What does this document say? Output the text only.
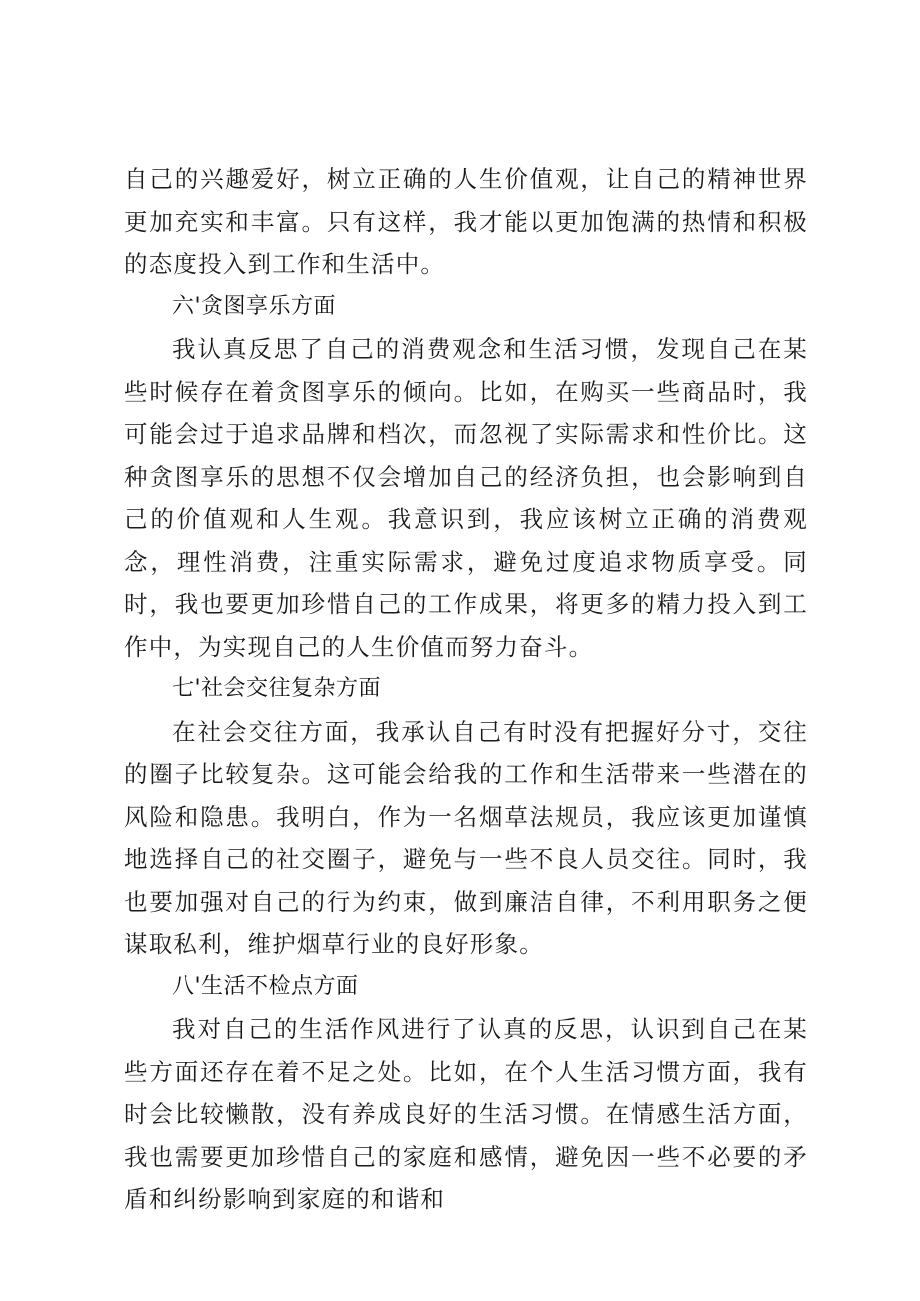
自己的兴趣爱好，树立正确的人生价值观，让自己的精神世界更加充实和丰富。只有这样，我才能以更加饱满的热情和积极的态度投入到工作和生活中。

六'贪图享乐方面

我认真反思了自己的消费观念和生活习惯，发现自己在某些时候存在着贪图享乐的倾向。比如，在购买一些商品时，我可能会过于追求品牌和档次，而忽视了实际需求和性价比。这种贪图享乐的思想不仅会增加自己的经济负担，也会影响到自己的价值观和人生观。我意识到，我应该树立正确的消费观念，理性消费，注重实际需求，避免过度追求物质享受。同时，我也要更加珍惜自己的工作成果，将更多的精力投入到工作中，为实现自己的人生价值而努力奋斗。

七'社会交往复杂方面

在社会交往方面，我承认自己有时没有把握好分寸，交往的圈子比较复杂。这可能会给我的工作和生活带来一些潜在的风险和隐患。我明白，作为一名烟草法规员，我应该更加谨慎地选择自己的社交圈子，避免与一些不良人员交往。同时，我也要加强对自己的行为约束，做到廉洁自律，不利用职务之便谋取私利，维护烟草行业的良好形象。

八'生活不检点方面

我对自己的生活作风进行了认真的反思，认识到自己在某些方面还存在着不足之处。比如，在个人生活习惯方面，我有时会比较懒散，没有养成良好的生活习惯。在情感生活方面，我也需要更加珍惜自己的家庭和感情，避免因一些不必要的矛盾和纠纷影响到家庭的和谐和
